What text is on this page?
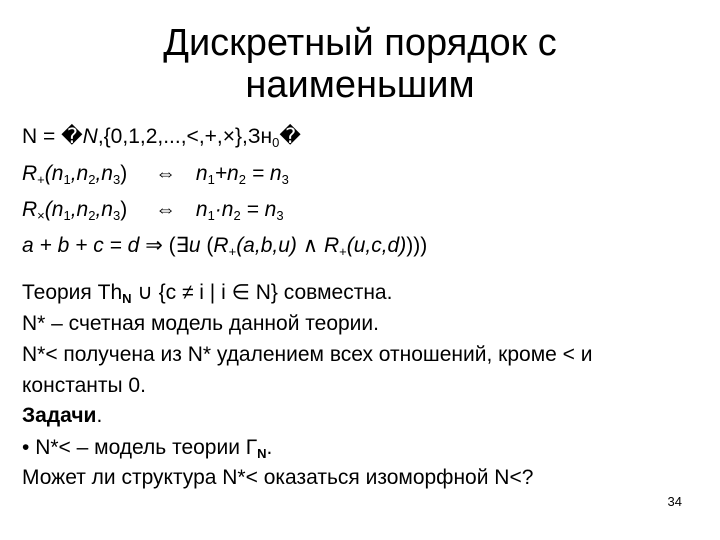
Дискретный порядок с
наименьшим
$N = �N,\{0,1,2,...,<,+,\times\},Зн_0�$
$R_+(n_1,n_2,n_3)$ ⇔ $n_1+n_2 = n_3$
$R_\times(n_1,n_2,n_3)$ ⇔ $n_1\cdot n_2 = n_3$
a + b + c = d ⇒ (∃u ($R_+(a,b,u)$ ∧ $R_+(u,c,d)$)))
Теория $Th_N$ ∪ {c ≠ i | i ∈ N} совместна.
N* – счетная модель данной теории.
N*< получена из N* удалением всех отношений, кроме < и
константы 0.
Задачи.
• N*< – модель теории $Г_N$.
Может ли структура N*< оказаться изоморфной N<?
34
